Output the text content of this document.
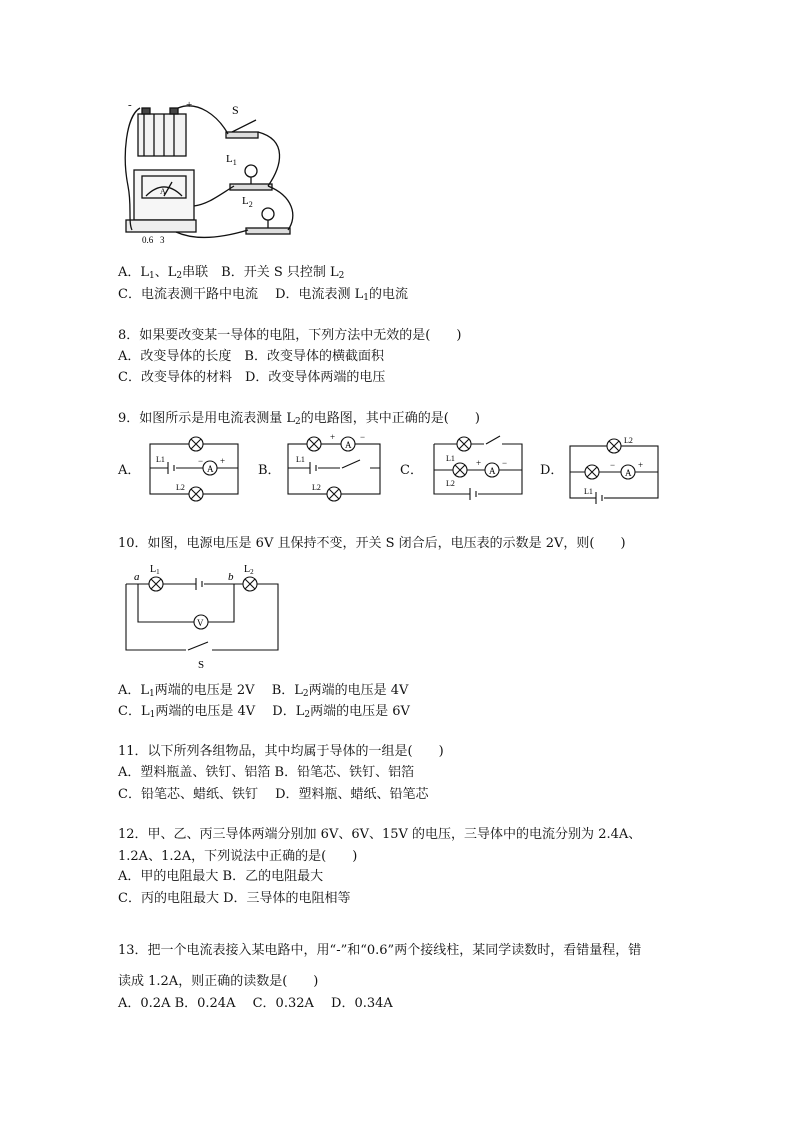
-	+	S
$L_1$
$L_2$
A
0.6 3
A．$L_1$、$L_2$串联　 B．开关 S 只控制 $L_2$
C．电流表测干路中电流　 D．电流表测 $L_1$的电流
8．如果要改变某一导体的电阻，下列方法中无效的是(　　)
A．改变导体的长度　 B．改变导体的横截面积
C．改变导体的材料　 D．改变导体两端的电压
9．如图所示是用电流表测量 $L_2$的电路图，其中正确的是(　　)
A．	A
− +
L1
L2
B．
A
+	−
L1
L2
C．	A
+ −
L1
L2
D．	A
−	+
L2
L1
10．如图，电源电压是 6V 且保持不变，开关 S 闭合后，电压表的示数是 2V，则(　　)
a	b
$L_1$	$L_2$
V
S
A．$L_1$两端的电压是 2V　 B．$L_2$两端的电压是 4V
C．$L_1$两端的电压是 4V　 D．$L_2$两端的电压是 6V
11．以下所列各组物品，其中均属于导体的一组是(　　)
A．塑料瓶盖、铁钉、铝箔 B．铅笔芯、铁钉、铝箔
C．铅笔芯、蜡纸、铁钉　 D．塑料瓶、蜡纸、铅笔芯
12．甲、乙、丙三导体两端分别加 6V、6V、15V 的电压，三导体中的电流分别为 2.4A、
1.2A、1.2A，下列说法中正确的是(　　)
A．甲的电阻最大 B．乙的电阻最大
C．丙的电阻最大 D．三导体的电阻相等
13．把一个电流表接入某电路中，用“-”和“0.6”两个接线柱，某同学读数时，看错量程，错
读成 1.2A，则正确的读数是(　　)
A．0.2A B．0.24A　 C．0.32A　 D．0.34A
